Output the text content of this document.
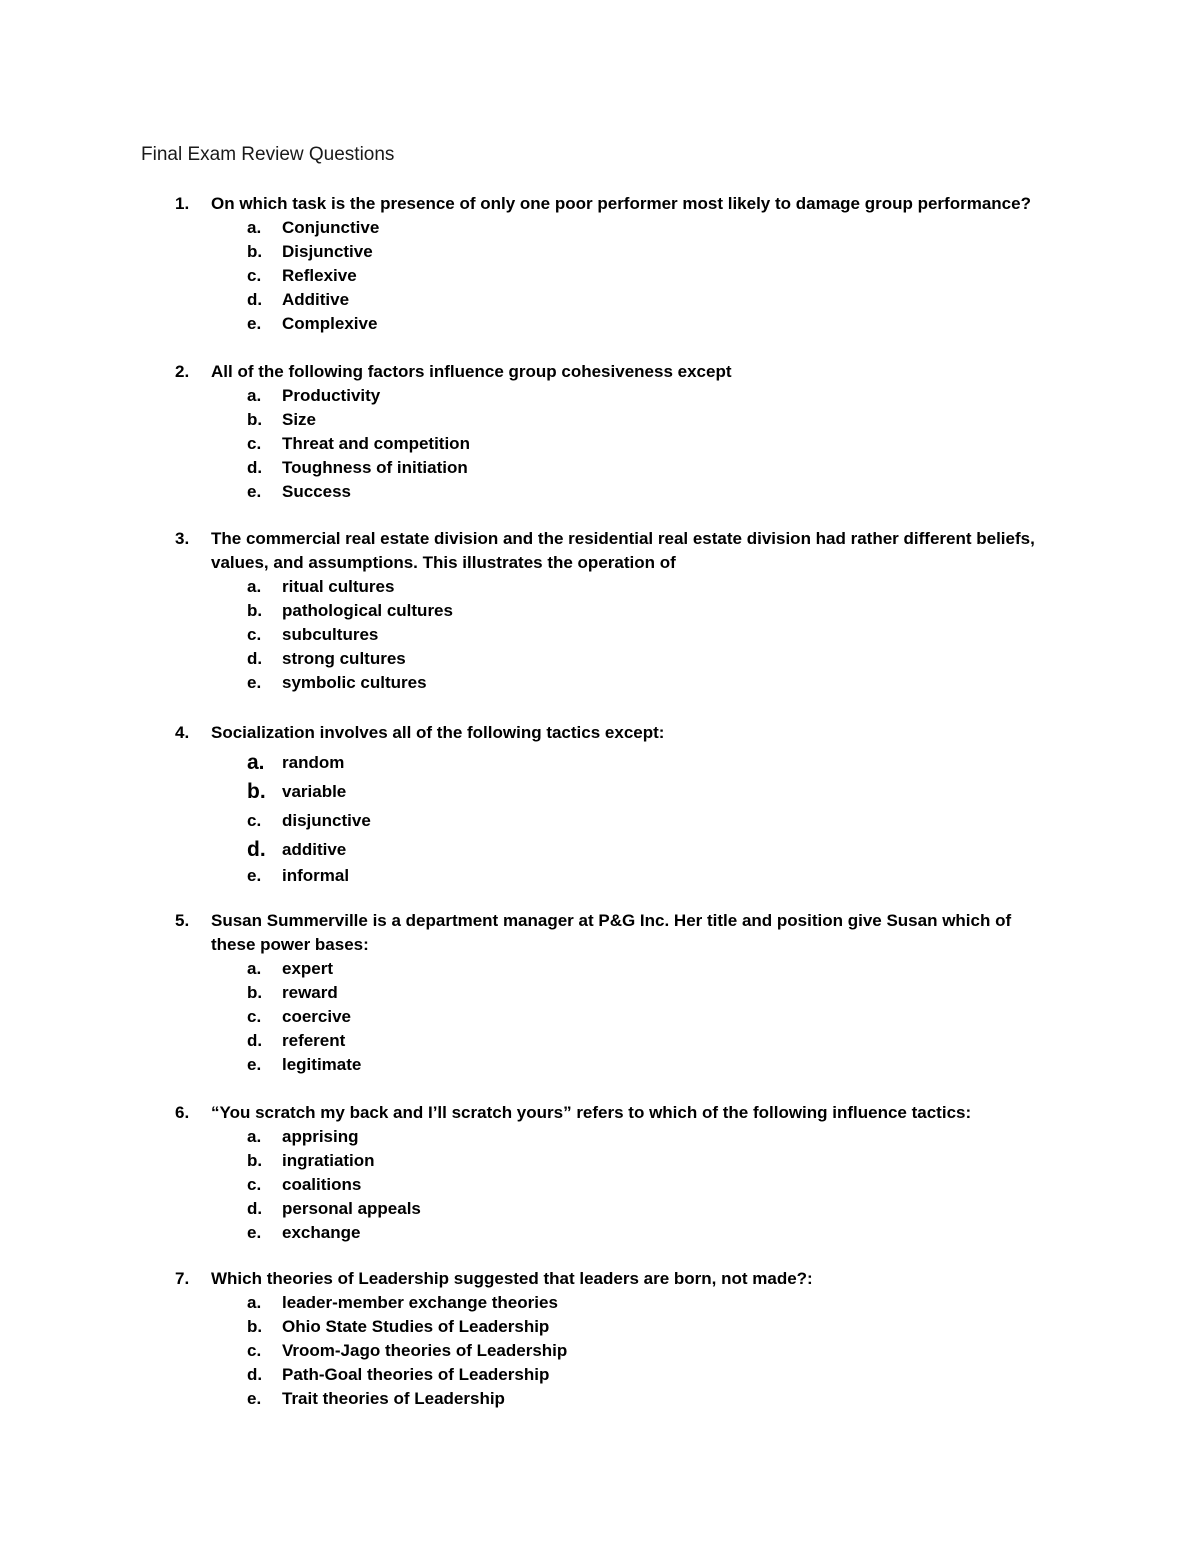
Final Exam Review Questions
1. On which task is the presence of only one poor performer most likely to damage group performance?

a. Conjunctive
b. Disjunctive
c. Reflexive
d. Additive
e. Complexive
2. All of the following factors influence group cohesiveness except

a. Productivity
b. Size
c. Threat and competition
d. Toughness of initiation
e. Success
3. The commercial real estate division and the residential real estate division had rather different beliefs, values, and assumptions. This illustrates the operation of

a. ritual cultures
b. pathological cultures
c. subcultures
d. strong cultures
e. symbolic cultures
4. Socialization involves all of the following tactics except:

a. random
b. variable
c. disjunctive
d. additive
e. informal
5. Susan Summerville is a department manager at P&G Inc. Her title and position give Susan which of these power bases:

a. expert
b. reward
c. coercive
d. referent
e. legitimate
6. “You scratch my back and I’ll scratch yours” refers to which of the following influence tactics:

a. apprising
b. ingratiation
c. coalitions
d. personal appeals
e. exchange
7. Which theories of Leadership suggested that leaders are born, not made?:

a. leader-member exchange theories
b. Ohio State Studies of Leadership
c. Vroom-Jago theories of Leadership
d. Path-Goal theories of Leadership
e. Trait theories of Leadership
